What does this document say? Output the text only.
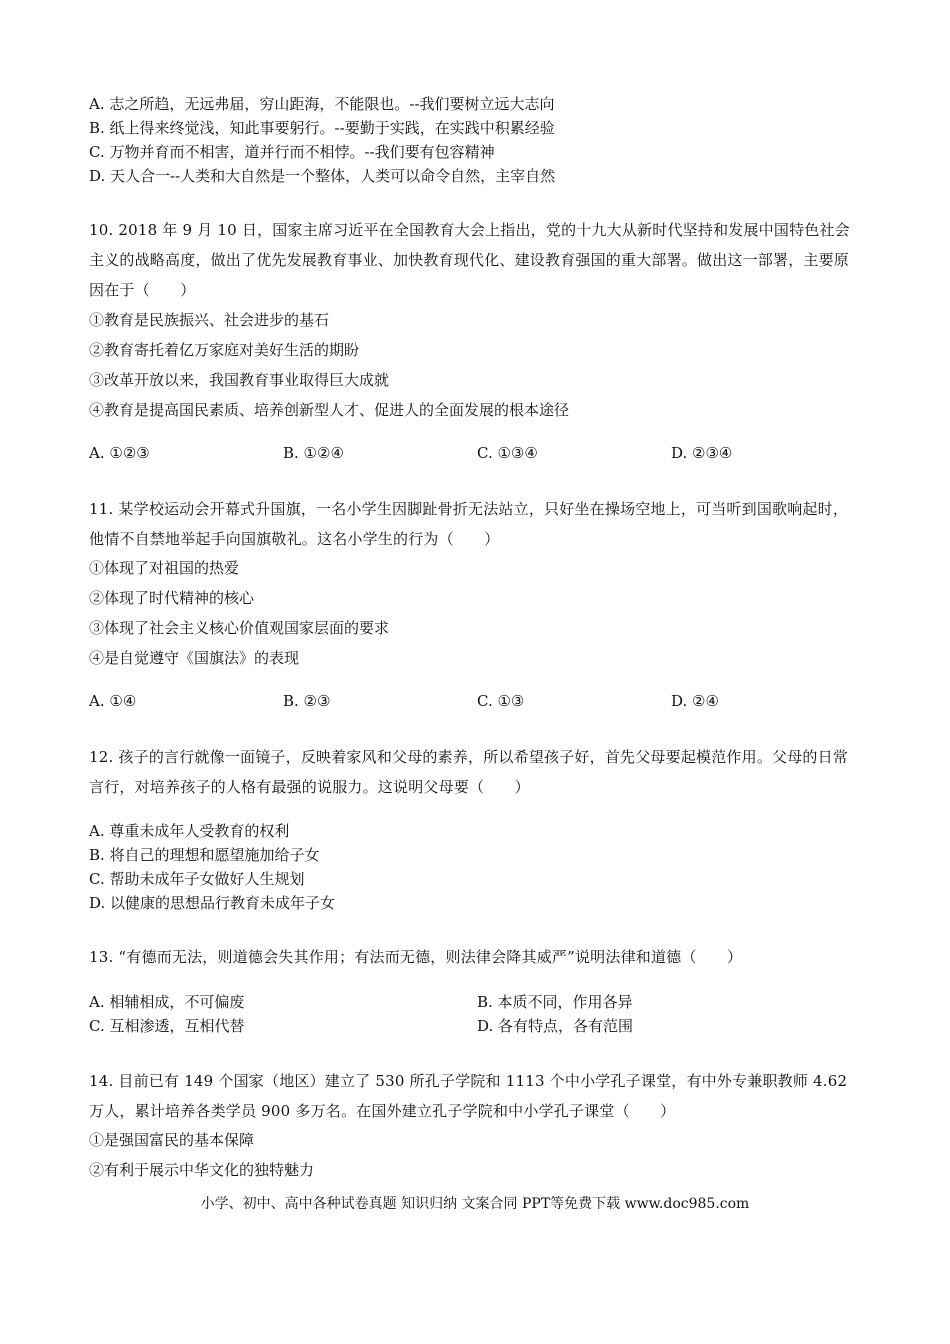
A. 志之所趋，无远弗届，穷山距海，不能限也。--我们要树立远大志向
B. 纸上得来终觉浅，知此事要躬行。--要勤于实践，在实践中积累经验
C. 万物并育而不相害，道并行而不相悖。--我们要有包容精神
D. 天人合一--人类和大自然是一个整体，人类可以命令自然，主宰自然
10. 2018 年 9 月 10 日，国家主席习近平在全国教育大会上指出，党的十九大从新时代坚持和发展中国特色社会主义的战略高度，做出了优先发展教育事业、加快教育现代化、建设教育强国的重大部署。做出这一部署，主要原因在于（　　）
①教育是民族振兴、社会进步的基石
②教育寄托着亿万家庭对美好生活的期盼
③改革开放以来，我国教育事业取得巨大成就
④教育是提高国民素质、培养创新型人才、促进人的全面发展的根本途径
A. ①②③	B. ①②④	C. ①③④	D. ②③④
11. 某学校运动会开幕式升国旗，一名小学生因脚趾骨折无法站立，只好坐在操场空地上，可当听到国歌响起时，他情不自禁地举起手向国旗敬礼。这名小学生的行为（　　）
①体现了对祖国的热爱
②体现了时代精神的核心
③体现了社会主义核心价值观国家层面的要求
④是自觉遵守《国旗法》的表现
A. ①④	B. ②③	C. ①③	D. ②④
12. 孩子的言行就像一面镜子，反映着家风和父母的素养，所以希望孩子好，首先父母要起模范作用。父母的日常言行，对培养孩子的人格有最强的说服力。这说明父母要（　　）
A. 尊重未成年人受教育的权利
B. 将自己的理想和愿望施加给子女
C. 帮助未成年子女做好人生规划
D. 以健康的思想品行教育未成年子女
13. “有德而无法，则道德会失其作用；有法而无德，则法律会降其威严”说明法律和道德（　　）
A. 相辅相成，不可偏废	B. 本质不同，作用各异
C. 互相渗透，互相代替	D. 各有特点，各有范围
14. 目前已有 149 个国家（地区）建立了 530 所孔子学院和 1113 个中小学孔子课堂，有中外专兼职教师 4.62 万人，累计培养各类学员 900 多万名。在国外建立孔子学院和中小学孔子课堂（　　）
①是强国富民的基本保障
②有利于展示中华文化的独特魅力
小学、初中、高中各种试卷真题 知识归纳 文案合同 PPT等免费下载 www.doc985.com
